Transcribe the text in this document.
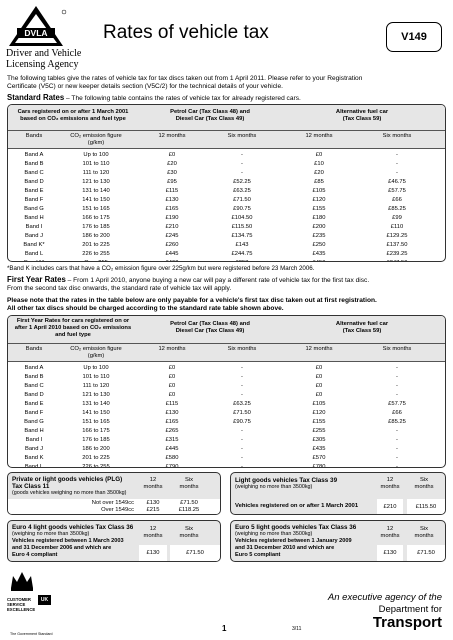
DVLA
Driver and Vehicle
Licensing Agency
Rates of vehicle tax	V149
The following tables give the rates of vehicle tax for tax discs taken out from 1 April 2011. Please refer to your Registration
Certificate (V5C) or new keeper details section (V5C/2) for the technical details of your vehicle.
Standard Rates – The following table contains the rates of vehicle tax for already registered cars.
Cars registered on or after 1 March 2001
based on CO₂ emissions and fuel type
Petrol Car (Tax Class 48) and
Diesel Car (Tax Class 49)
Alternative fuel car
(Tax Class 59)
Bands	CO₂ emission figure
(g/km)
12 months	Six months	12 months	Six months
Band A	Up to 100	£0	-	£0	-
Band B	101 to 110	£20	-	£10	-
Band C	111 to 120	£30	-	£20	-
Band D	121 to 130	£95	£52.25	£85	£46.75
Band E	131 to 140	£115	£63.25	£105	£57.75
Band F	141 to 150	£130	£71.50	£120	£66
Band G	151 to 165	£165	£90.75	£155	£85.25
Band H	166 to 175	£190	£104.50	£180	£99
Band I	176 to 185	£210	£115.50	£200	£110
Band J	186 to 200	£245	£134.75	£235	£129.25
Band K*	201 to 225	£260	£143	£250	£137.50
Band L	226 to 255	£445	£244.75	£435	£239.25
*Band K includes cars that have a CO₂ emission figure over 225g/km but were registered before 23 March 2006.
First Year Rates – From 1 April 2010, anyone buying a new car will pay a different rate of vehicle tax for the first tax disc.
From the second tax disc onwards, the standard rate of vehicle tax will apply.
Please note that the rates in the table below are only payable for a vehicle's first tax disc taken out at first registration.
All other tax discs should be charged according to the standard rate table shown above.
First Year Rates for cars registered on or
after 1 April 2010 based on CO₂ emissions
and fuel type
Petrol Car (Tax Class 48) and
Diesel Car (Tax Class 49)
Alternative fuel car
(Tax Class 59)
Bands	CO₂ emission figure
(g/km)
12 months	Six months	12 months	Six months
Band A	Up to 100	£0	-	£0	-
Band B	101 to 110	£0	-	£0	-
Band C	111 to 120	£0	-	£0	-
Band D	121 to 130	£0	-	£0	-
Band E	131 to 140	£115	£63.25	£105	£57.75
Band F	141 to 150	£130	£71.50	£120	£66
Band G	151 to 165	£165	£90.75	£155	£85.25
Band H	166 to 175	£265	-	£255	-
Band I	176 to 185	£315	-	£305	-
Band J	186 to 200	£445	-	£435	-
Band K	201 to 225	£580	-	£570	-
Band L	226 to 255	£790	-	£780	-
Private or light goods vehicles (PLG)
Tax Class 11
(goods vehicles weighing no more than 3500kg)
12
months
Six
months
Not over 1549cc	£130	£71.50
Over 1549cc	£215	£118.25
Light goods vehicles Tax Class 39
(weighing no more than 3500kg)
12
months
Six
months
Vehicles registered on or after 1 March 2001	£210	£115.50
Euro 4 light goods vehicles Tax Class 36
(weighing no more than 3500kg)
Vehicles registered between 1 March 2003
and 31 December 2006 and which are
Euro 4 compliant
12
months
Six
months
£130	£71.50
Euro 5 light goods vehicles Tax Class 36
(weighing no more than 3500kg)
Vehicles registered between 1 January 2009
and 31 December 2010 and which are
Euro 5 compliant
12
months
Six
months
£130	£71.50
CUSTOMER
SERVICE
EXCELLENCE
UK
The Government Standard
1	3/11
An executive agency of the
Department for
Transport
